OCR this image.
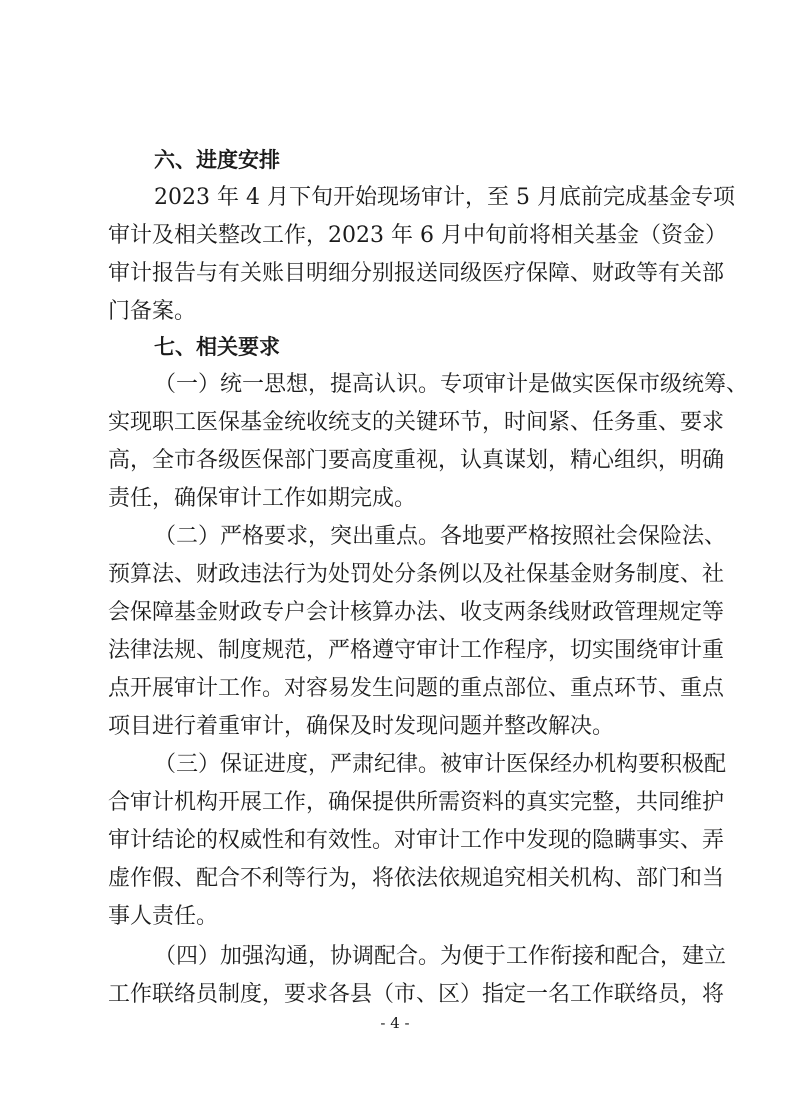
六、进度安排
2023 年 4 月下旬开始现场审计，至 5 月底前完成基金专项
审计及相关整改工作，2023 年 6 月中旬前将相关基金（资金）
审计报告与有关账目明细分别报送同级医疗保障、财政等有关部
门备案。
七、相关要求
（一）统一思想，提高认识。专项审计是做实医保市级统筹、
实现职工医保基金统收统支的关键环节，时间紧、任务重、要求
高，全市各级医保部门要高度重视，认真谋划，精心组织，明确
责任，确保审计工作如期完成。
（二）严格要求，突出重点。各地要严格按照社会保险法、
预算法、财政违法行为处罚处分条例以及社保基金财务制度、社
会保障基金财政专户会计核算办法、收支两条线财政管理规定等
法律法规、制度规范，严格遵守审计工作程序，切实围绕审计重
点开展审计工作。对容易发生问题的重点部位、重点环节、重点
项目进行着重审计，确保及时发现问题并整改解决。
（三）保证进度，严肃纪律。被审计医保经办机构要积极配
合审计机构开展工作，确保提供所需资料的真实完整，共同维护
审计结论的权威性和有效性。对审计工作中发现的隐瞒事实、弄
虚作假、配合不利等行为，将依法依规追究相关机构、部门和当
事人责任。
（四）加强沟通，协调配合。为便于工作衔接和配合，建立
工作联络员制度，要求各县（市、区）指定一名工作联络员，将
- 4 -
